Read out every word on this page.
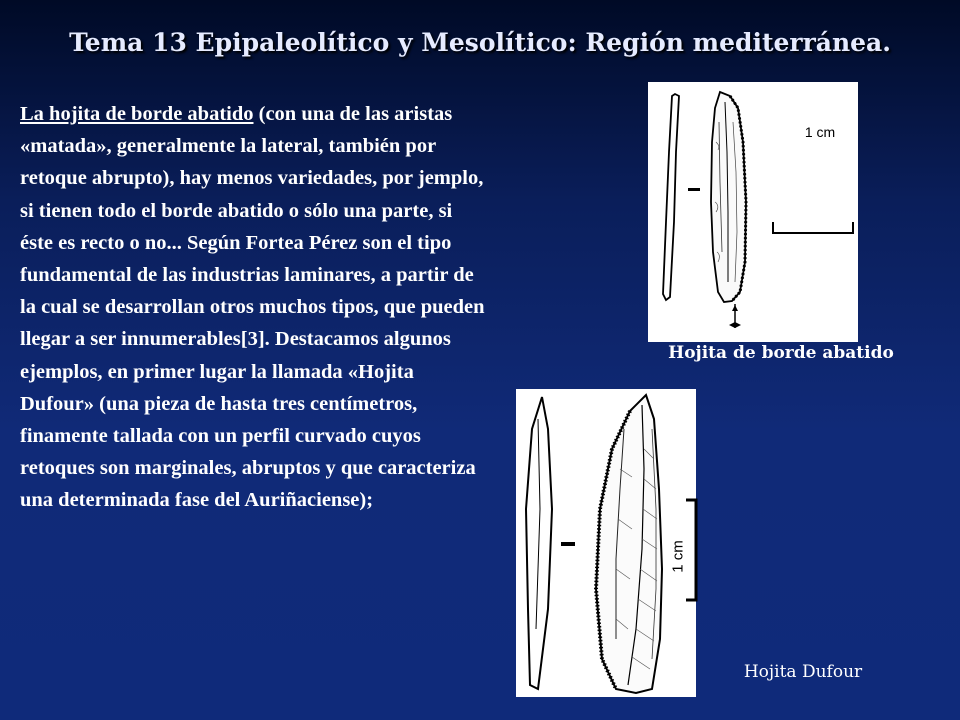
Tema 13 Epipaleolítico y Mesolítico: Región mediterránea.
La hojita de borde abatido (con una de las aristas «matada», generalmente la lateral, también por retoque abrupto), hay menos variedades, por jemplo, si tienen todo el borde abatido o sólo una parte, si éste es recto o no... Según Fortea Pérez son el tipo fundamental de las industrias laminares, a partir de la cual se desarrollan otros muchos tipos, que pueden llegar a ser innumerables[3]. Destacamos algunos ejemplos, en primer lugar la llamada «Hojita Dufour» (una pieza de hasta tres centímetros, finamente tallada con un perfil curvado cuyos retoques son marginales, abruptos y que caracteriza una determinada fase del Auriñaciense);
1 cm
Hojita de borde abatido
1 cm
Hojita Dufour
